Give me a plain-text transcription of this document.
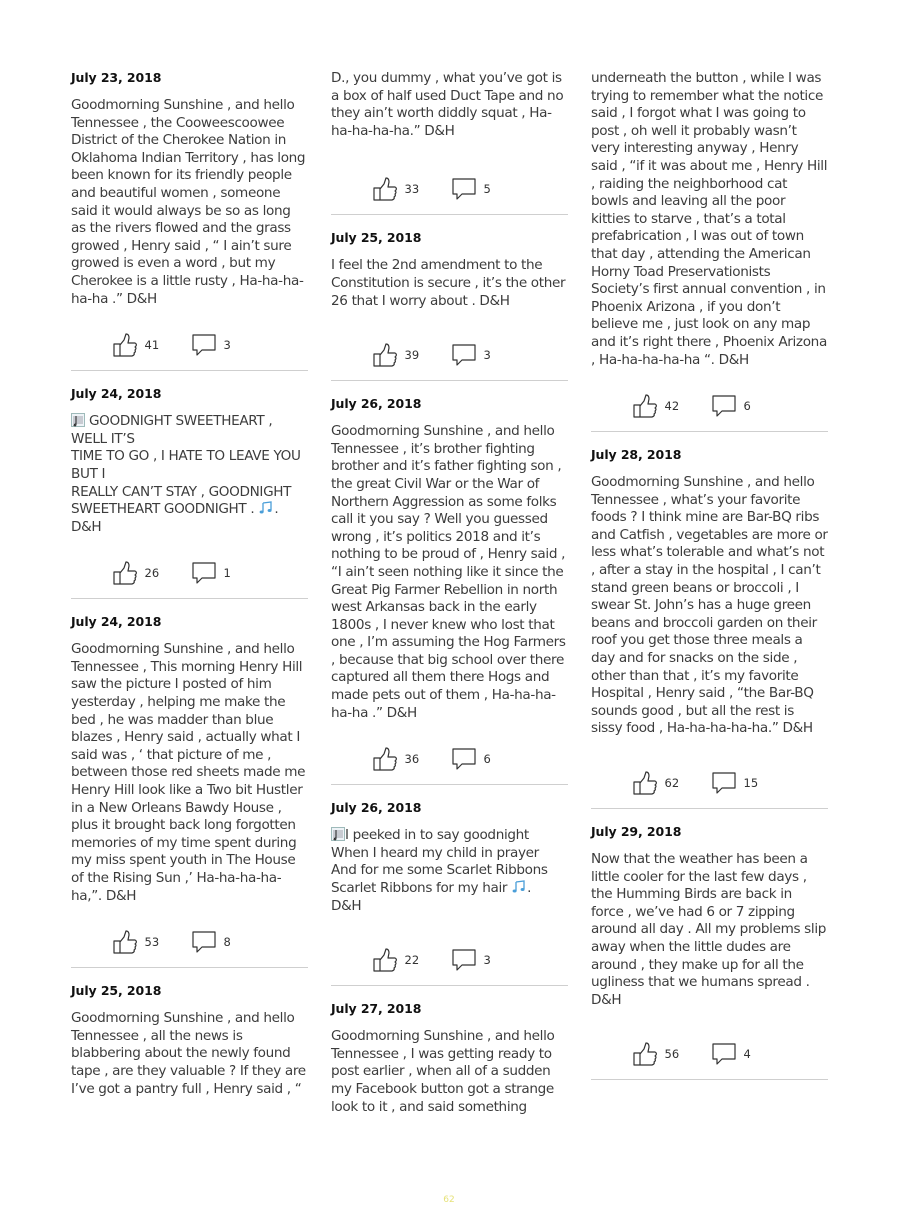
July 23, 2018
Goodmorning Sunshine , and hello Tennessee , the Cooweescoowee District of the Cherokee Nation in Oklahoma Indian Territory , has long been known for its friendly people and beautiful women , someone said it would always be so as long as the rivers flowed and the grass growed , Henry said , “ I ain’t sure growed is even a word , but my Cherokee is a little rusty , Ha-ha-ha-ha-ha .” D&H
41	3
July 24, 2018
GOODNIGHT SWEETHEART , WELL IT’S
TIME TO GO , I HATE TO LEAVE YOU BUT I
REALLY CAN’T STAY , GOODNIGHT SWEETHEART GOODNIGHT . . D&H
26	1
July 24, 2018
Goodmorning Sunshine , and hello Tennessee , This morning Henry Hill saw the picture I posted of him yesterday , helping me make the bed , he was madder than blue blazes , Henry said , actually what I said was , ‘ that picture of me , between those red sheets made me Henry Hill look like a Two bit Hustler in a New Orleans Bawdy House , plus it brought back long forgotten memories of my time spent during my miss spent youth in The House of the Rising Sun ,’ Ha-ha-ha-ha-ha,”. D&H
53	8
July 25, 2018
Goodmorning Sunshine , and hello Tennessee , all the news is blabbering about the newly found tape , are they valuable ? If they are I’ve got a pantry full , Henry said , “
D., you dummy , what you’ve got is a box of half used Duct Tape and no they ain’t worth diddly squat , Ha-ha-ha-ha-ha.” D&H
33	5
July 25, 2018
I feel the 2nd amendment to the Constitution is secure , it’s the other 26 that I worry about . D&H
39	3
July 26, 2018
Goodmorning Sunshine , and hello Tennessee , it’s brother fighting brother and it’s father fighting son , the great Civil War or the War of Northern Aggression as some folks call it you say ? Well you guessed wrong , it’s politics 2018 and it’s nothing to be proud of , Henry said , “I ain’t seen nothing like it since the Great Pig Farmer Rebellion in north west Arkansas back in the early 1800s , I never knew who lost that one , I’m assuming the Hog Farmers , because that big school over there captured all them there Hogs and made pets out of them , Ha-ha-ha-ha-ha .” D&H
36	6
July 26, 2018
I peeked in to say goodnight
When I heard my child in prayer
And for me some Scarlet Ribbons
Scarlet Ribbons for my hair .
D&H
22	3
July 27, 2018
Goodmorning Sunshine , and hello Tennessee , I was getting ready to post earlier , when all of a sudden my Facebook button got a strange look to it , and said something
underneath the button , while I was trying to remember what the notice said , I forgot what I was going to post , oh well it probably wasn’t very interesting anyway , Henry said , “if it was about me , Henry Hill , raiding the neighborhood cat bowls and leaving all the poor kitties to starve , that’s a total prefabrication , I was out of town that day , attending the American Horny Toad Preservationists Society’s first annual convention , in Phoenix Arizona , if you don’t believe me , just look on any map and it’s right there , Phoenix Arizona , Ha-ha-ha-ha-ha “. D&H
42	6
July 28, 2018
Goodmorning Sunshine , and hello Tennessee , what’s your favorite foods ? I think mine are Bar-BQ ribs and Catfish , vegetables are more or less what’s tolerable and what’s not , after a stay in the hospital , I can’t stand green beans or broccoli , I swear St. John’s has a huge green beans and broccoli garden on their roof you get those three meals a day and for snacks on the side , other than that , it’s my favorite Hospital , Henry said , “the Bar-BQ sounds good , but all the rest is sissy food , Ha-ha-ha-ha-ha.” D&H
62	15
July 29, 2018
Now that the weather has been a little cooler for the last few days , the Humming Birds are back in force , we’ve had 6 or 7 zipping around all day . All my problems slip away when the little dudes are around , they make up for all the ugliness that we humans spread . D&H
56	4
62
